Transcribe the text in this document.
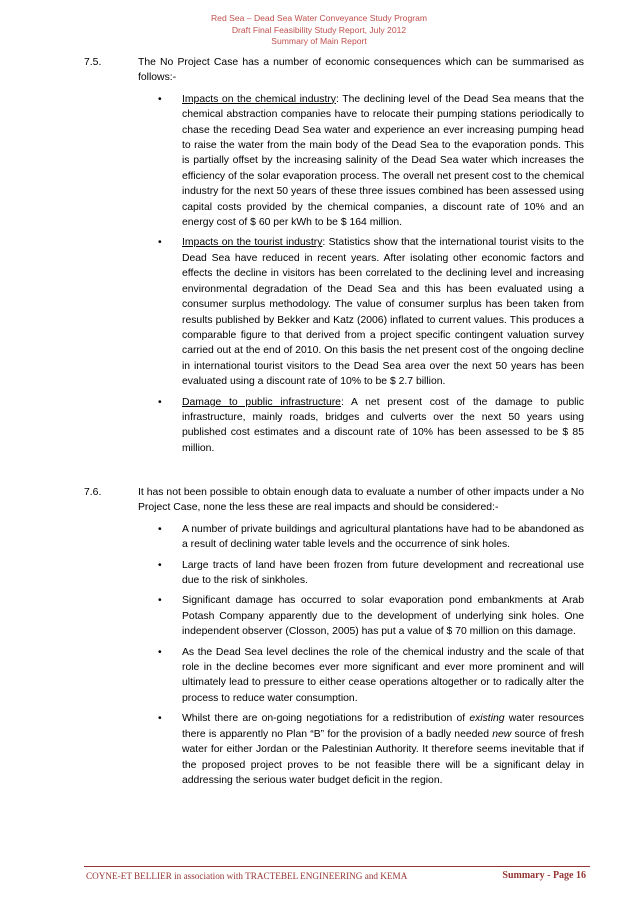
Red Sea – Dead Sea Water Conveyance Study Program
Draft Final Feasibility Study Report, July 2012
Summary of Main Report
7.5.	The No Project Case has a number of economic consequences which can be summarised as follows:-
• Impacts on the chemical industry: The declining level of the Dead Sea means that the chemical abstraction companies have to relocate their pumping stations periodically to chase the receding Dead Sea water and experience an ever increasing pumping head to raise the water from the main body of the Dead Sea to the evaporation ponds. This is partially offset by the increasing salinity of the Dead Sea water which increases the efficiency of the solar evaporation process. The overall net present cost to the chemical industry for the next 50 years of these three issues combined has been assessed using capital costs provided by the chemical companies, a discount rate of 10% and an energy cost of $ 60 per kWh to be $ 164 million.
• Impacts on the tourist industry: Statistics show that the international tourist visits to the Dead Sea have reduced in recent years. After isolating other economic factors and effects the decline in visitors has been correlated to the declining level and increasing environmental degradation of the Dead Sea and this has been evaluated using a consumer surplus methodology. The value of consumer surplus has been taken from results published by Bekker and Katz (2006) inflated to current values. This produces a comparable figure to that derived from a project specific contingent valuation survey carried out at the end of 2010. On this basis the net present cost of the ongoing decline in international tourist visitors to the Dead Sea area over the next 50 years has been evaluated using a discount rate of 10% to be $ 2.7 billion.
• Damage to public infrastructure: A net present cost of the damage to public infrastructure, mainly roads, bridges and culverts over the next 50 years using published cost estimates and a discount rate of 10% has been assessed to be $ 85 million.
7.6.	It has not been possible to obtain enough data to evaluate a number of other impacts under a No Project Case, none the less these are real impacts and should be considered:-
• A number of private buildings and agricultural plantations have had to be abandoned as a result of declining water table levels and the occurrence of sink holes.
• Large tracts of land have been frozen from future development and recreational use due to the risk of sinkholes.
• Significant damage has occurred to solar evaporation pond embankments at Arab Potash Company apparently due to the development of underlying sink holes. One independent observer (Closson, 2005) has put a value of $ 70 million on this damage.
• As the Dead Sea level declines the role of the chemical industry and the scale of that role in the decline becomes ever more significant and ever more prominent and will ultimately lead to pressure to either cease operations altogether or to radically alter the process to reduce water consumption.
• Whilst there are on-going negotiations for a redistribution of existing water resources there is apparently no Plan “B” for the provision of a badly needed new source of fresh water for either Jordan or the Palestinian Authority. It therefore seems inevitable that if the proposed project proves to be not feasible there will be a significant delay in addressing the serious water budget deficit in the region.
COYNE-ET BELLIER in association with TRACTEBEL ENGINEERING and KEMA	Summary - Page 16
